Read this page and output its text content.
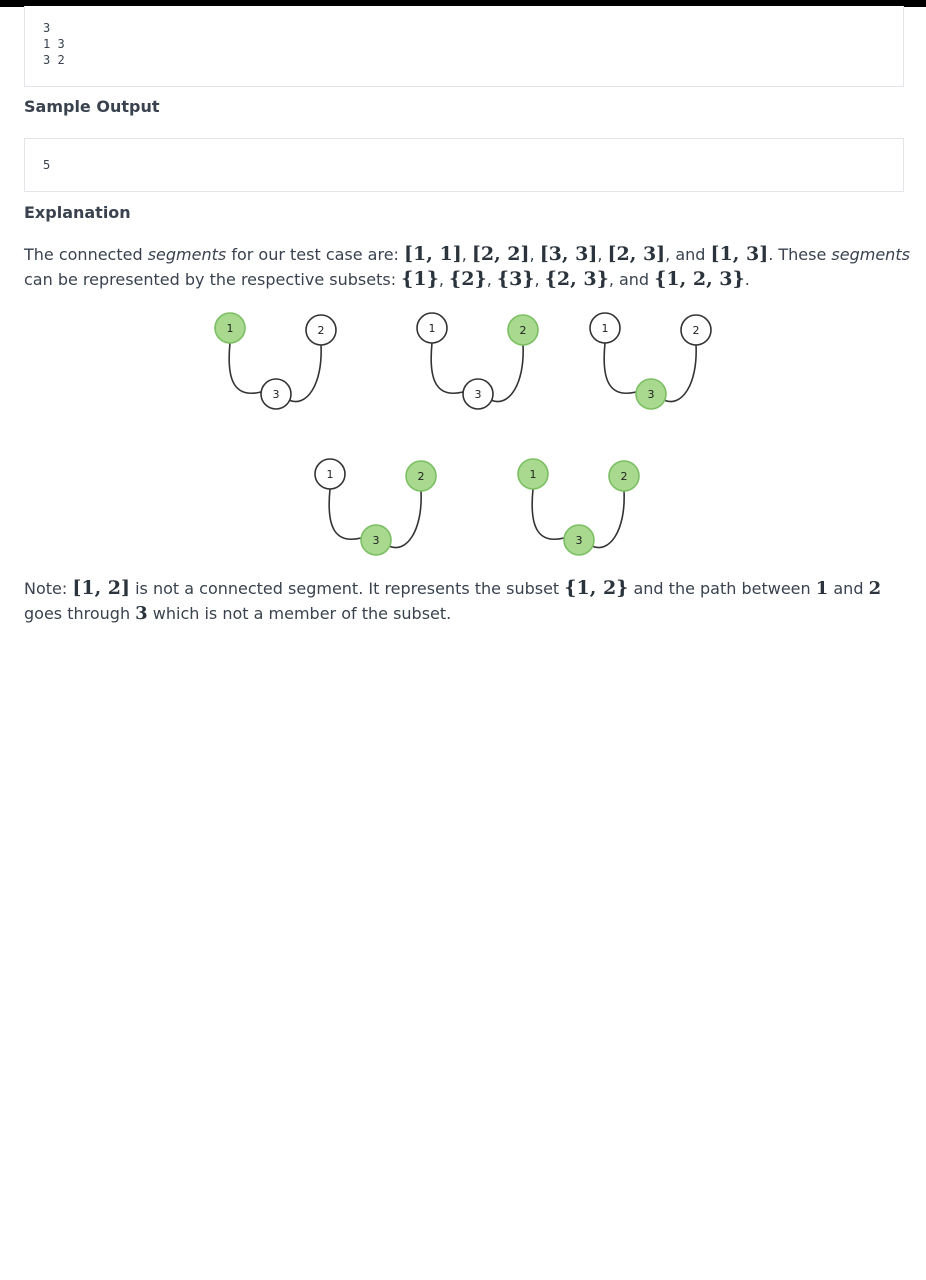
3
1 3
3 2
Sample Output
5
Explanation
The connected segments for our test case are: [1, 1], [2, 2], [3, 3], [2, 3], and [1, 3]. These segments can be represented by the respective subsets: {1}, {2}, {3}, {2, 3}, and {1, 2, 3}.
1	2
3
1	2
3
1	2
3
1	2
3
1	2
3
Note: [1, 2] is not a connected segment. It represents the subset {1, 2} and the path between 1 and 2 goes through 3 which is not a member of the subset.
